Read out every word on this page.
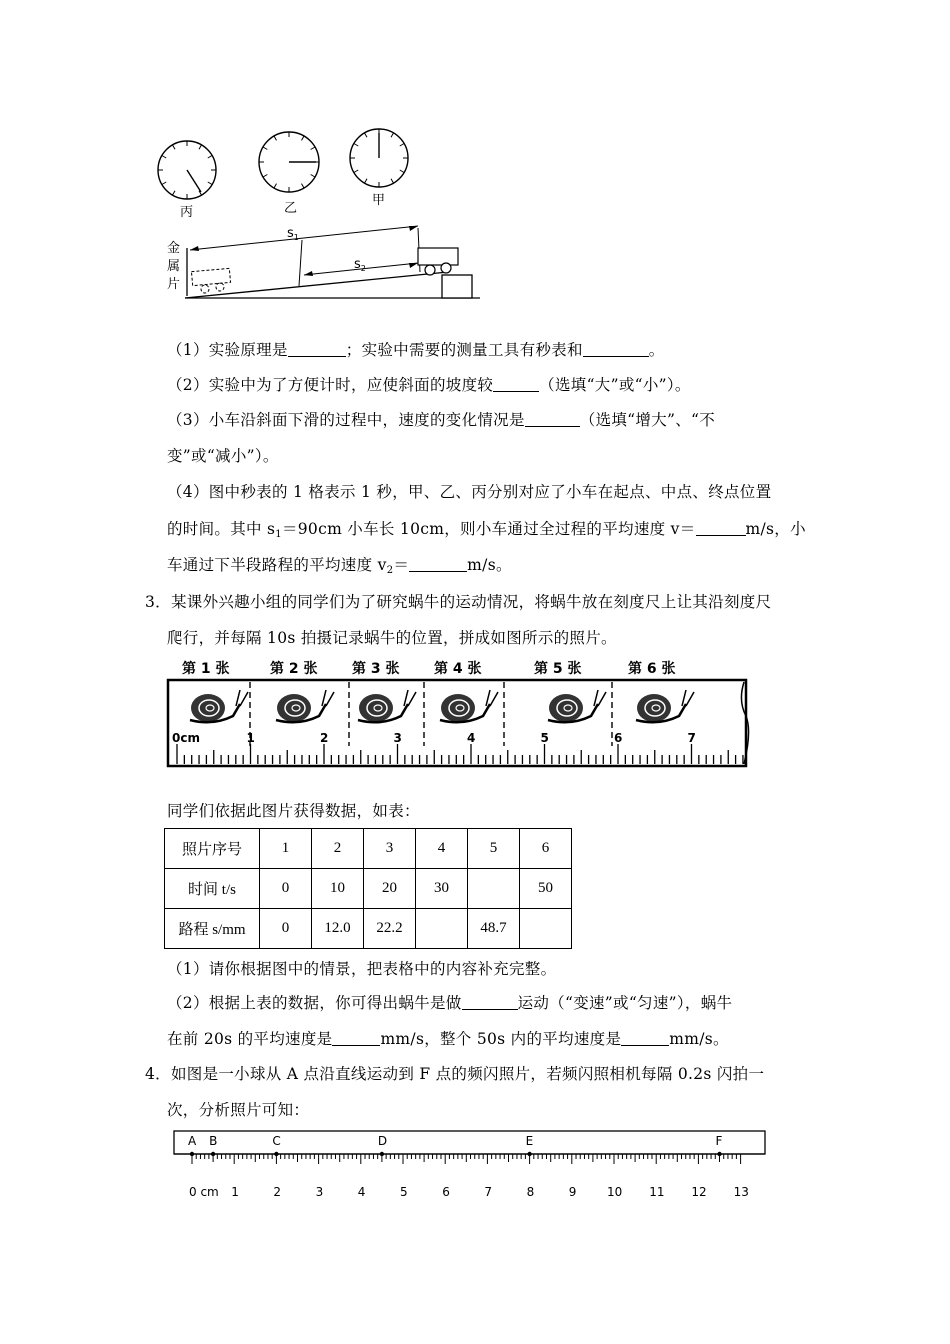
丙	乙
甲
金
属
片
$s_1$
$s_2$
（1）实验原理是	；实验中需要的测量工具有秒表和	。
（2）实验中为了方便计时，应使斜面的坡度较	（选填“大”或“小”）。
（3）小车沿斜面下滑的过程中，速度的变化情况是	（选填“增大”、“不
变”或“减小”）。
（4）图中秒表的 1 格表示 1 秒，甲、乙、丙分别对应了小车在起点、中点、终点位置
的时间。其中 $s_1=90cm$ 小车长 10cm，则小车通过全过程的平均速度 v＝	m/s，小
车通过下半段路程的平均速度 $v_2=$	m/s。
3．某课外兴趣小组的同学们为了研究蜗牛的运动情况，将蜗牛放在刻度尺上让其沿刻度尺
爬行，并每隔 10s 拍摄记录蜗牛的位置，拼成如图所示的照片。
第 1 张	第 2 张 第 3 张 第 4 张	第 5 张	第 6 张
0cm	1	2	3	4	5	6	7
同学们依据此图片获得数据，如表：
照片序号	1	2	3	4	5	6
时间 t/s	0	10	20	30		50
路程 s/mm	0	12.0	22.2		48.7	
（1）请你根据图中的情景，把表格中的内容补充完整。
（2）根据上表的数据，你可得出蜗牛是做	运动（“变速”或“匀速”），蜗牛
在前 20s 的平均速度是	mm/s，整个 50s 内的平均速度是	mm/s。
4．如图是一小球从 A 点沿直线运动到 F 点的频闪照片，若频闪照相机每隔 0.2s 闪拍一
次，分析照片可知：
A B	C	D	E	F
0 cm 1	2	3	4	5	6	7	8	9	10 11 12 13
